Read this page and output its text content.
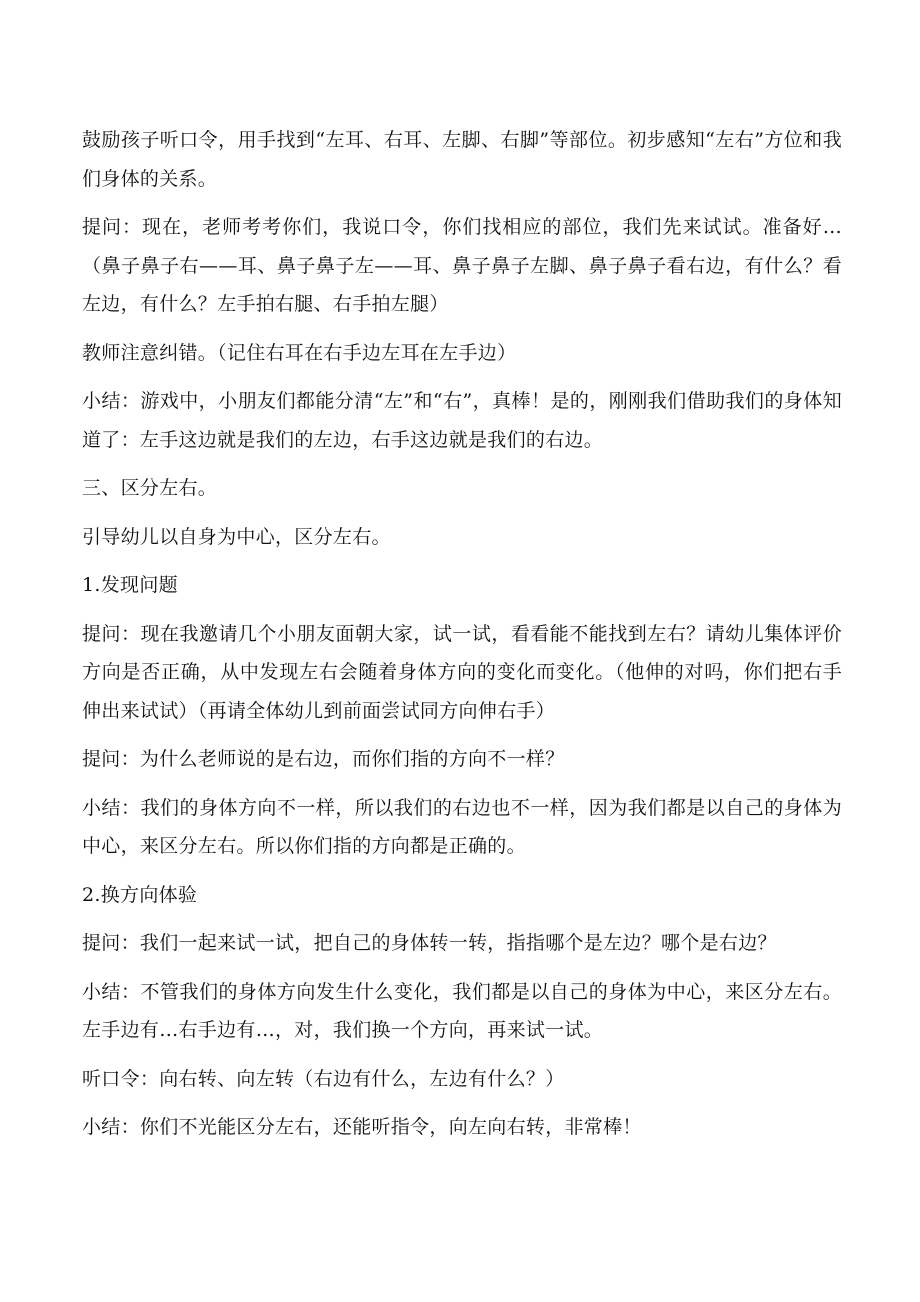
鼓励孩子听口令，用手找到“左耳、右耳、左脚、右脚”等部位。初步感知“左右”方位和我们身体的关系。

提问：现在，老师考考你们，我说口令，你们找相应的部位，我们先来试试。准备好…（鼻子鼻子右——耳、鼻子鼻子左——耳、鼻子鼻子左脚、鼻子鼻子看右边，有什么？看左边，有什么？左手拍右腿、右手拍左腿）

教师注意纠错。（记住右耳在右手边左耳在左手边）

小结：游戏中，小朋友们都能分清“左”和“右”，真棒！是的，刚刚我们借助我们的身体知道了：左手这边就是我们的左边，右手这边就是我们的右边。

三、区分左右。

引导幼儿以自身为中心，区分左右。

1.发现问题

提问：现在我邀请几个小朋友面朝大家，试一试，看看能不能找到左右？请幼儿集体评价方向是否正确，从中发现左右会随着身体方向的变化而变化。（他伸的对吗，你们把右手伸出来试试）（再请全体幼儿到前面尝试同方向伸右手）

提问：为什么老师说的是右边，而你们指的方向不一样？

小结：我们的身体方向不一样，所以我们的右边也不一样，因为我们都是以自己的身体为中心，来区分左右。所以你们指的方向都是正确的。

2.换方向体验

提问：我们一起来试一试，把自己的身体转一转，指指哪个是左边？哪个是右边？

小结：不管我们的身体方向发生什么变化，我们都是以自己的身体为中心，来区分左右。左手边有…右手边有…，对，我们换一个方向，再来试一试。

听口令：向右转、向左转（右边有什么，左边有什么？）

小结：你们不光能区分左右，还能听指令，向左向右转，非常棒！
